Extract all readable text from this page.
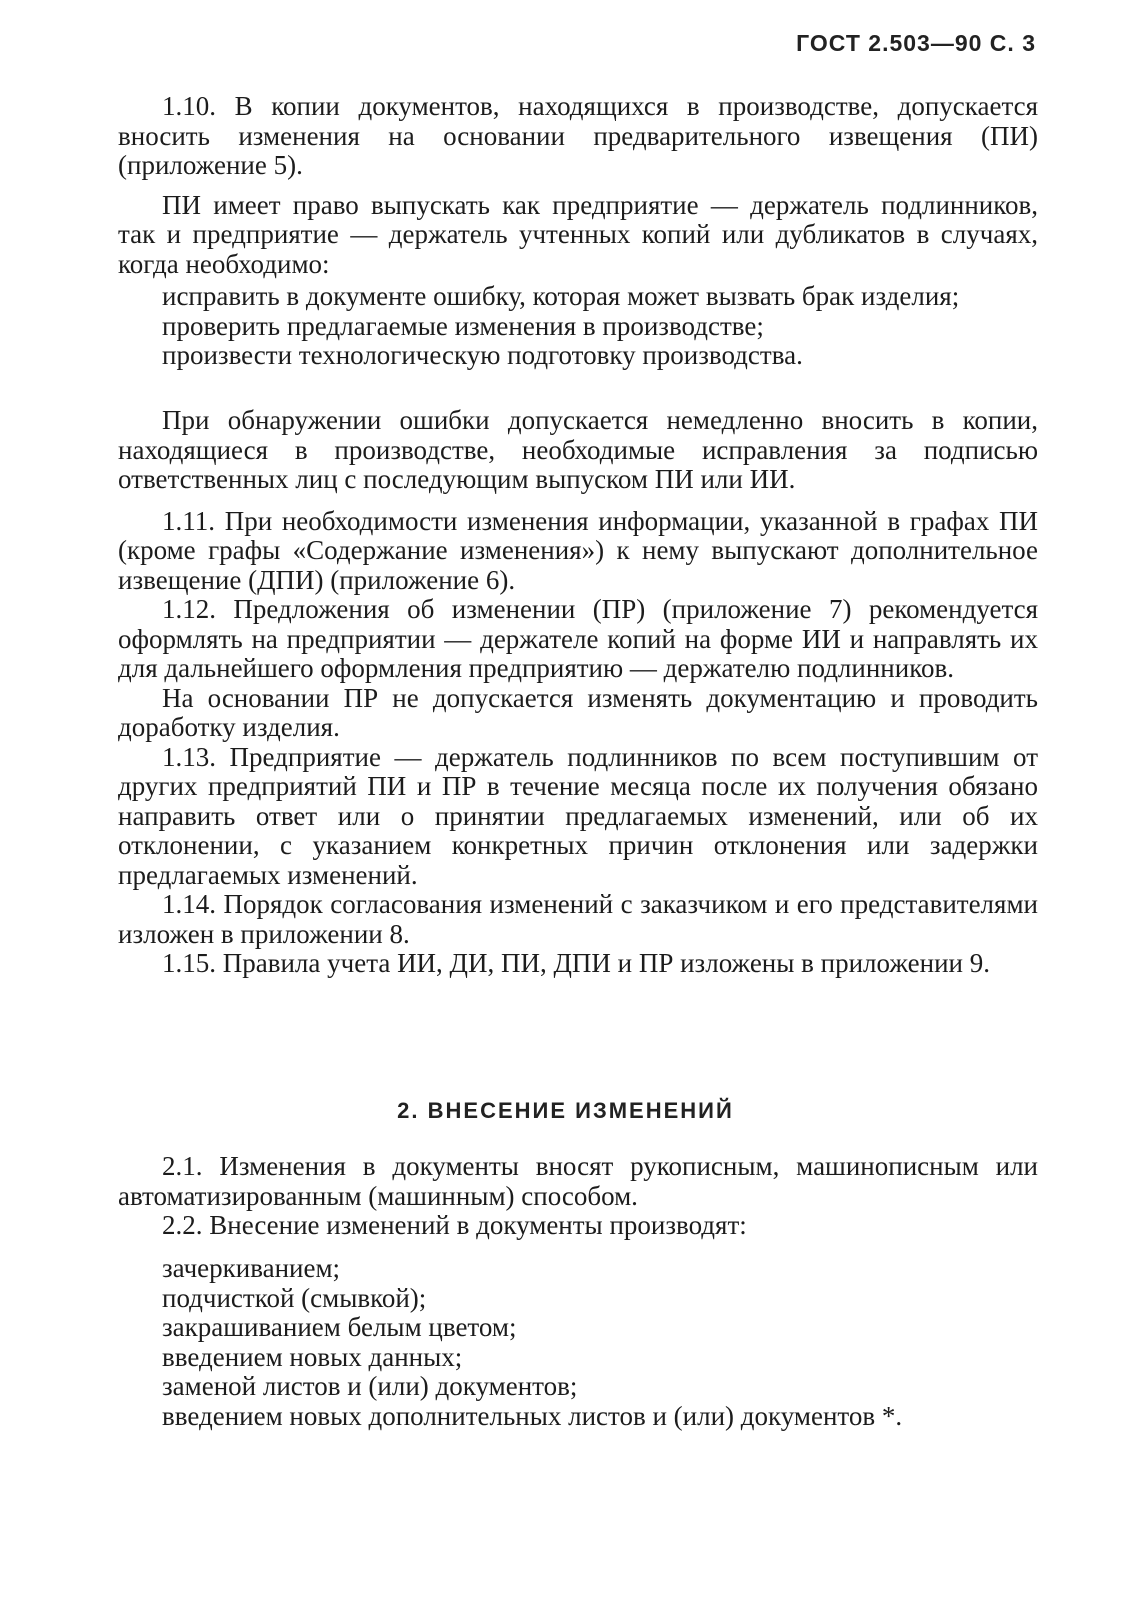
ГОСТ 2.503—90 С. 3

1.10. В копии документов, находящихся в производстве, допускается вносить изменения на основании предварительного извещения (ПИ) (приложение 5).

ПИ имеет право выпускать как предприятие — держатель подлинников, так и предприятие — держатель учтенных копий или дубликатов в случаях, когда необходимо:

исправить в документе ошибку, которая может вызвать брак изделия;
проверить предлагаемые изменения в производстве;
произвести технологическую подготовку производства.

При обнаружении ошибки допускается немедленно вносить в копии, находящиеся в производстве, необходимые исправления за подписью ответственных лиц с последующим выпуском ПИ или ИИ.

1.11. При необходимости изменения информации, указанной в графах ПИ (кроме графы «Содержание изменения») к нему выпускают дополнительное извещение (ДПИ) (приложение 6).

1.12. Предложения об изменении (ПР) (приложение 7) рекомендуется оформлять на предприятии — держателе копий на форме ИИ и направлять их для дальнейшего оформления предприятию — держателю подлинников.

На основании ПР не допускается изменять документацию и проводить доработку изделия.

1.13. Предприятие — держатель подлинников по всем поступившим от других предприятий ПИ и ПР в течение месяца после их получения обязано направить ответ или о принятии предлагаемых изменений, или об их отклонении, с указанием конкретных причин отклонения или задержки предлагаемых изменений.

1.14. Порядок согласования изменений с заказчиком и его представителями изложен в приложении 8.

1.15. Правила учета ИИ, ДИ, ПИ, ДПИ и ПР изложены в приложении 9.

2. ВНЕСЕНИЕ ИЗМЕНЕНИЙ

2.1. Изменения в документы вносят рукописным, машинописным или автоматизированным (машинным) способом.

2.2. Внесение изменений в документы производят:

зачеркиванием;
подчисткой (смывкой);
закрашиванием белым цветом;
введением новых данных;
заменой листов и (или) документов;
введением новых дополнительных листов и (или) документов *.
